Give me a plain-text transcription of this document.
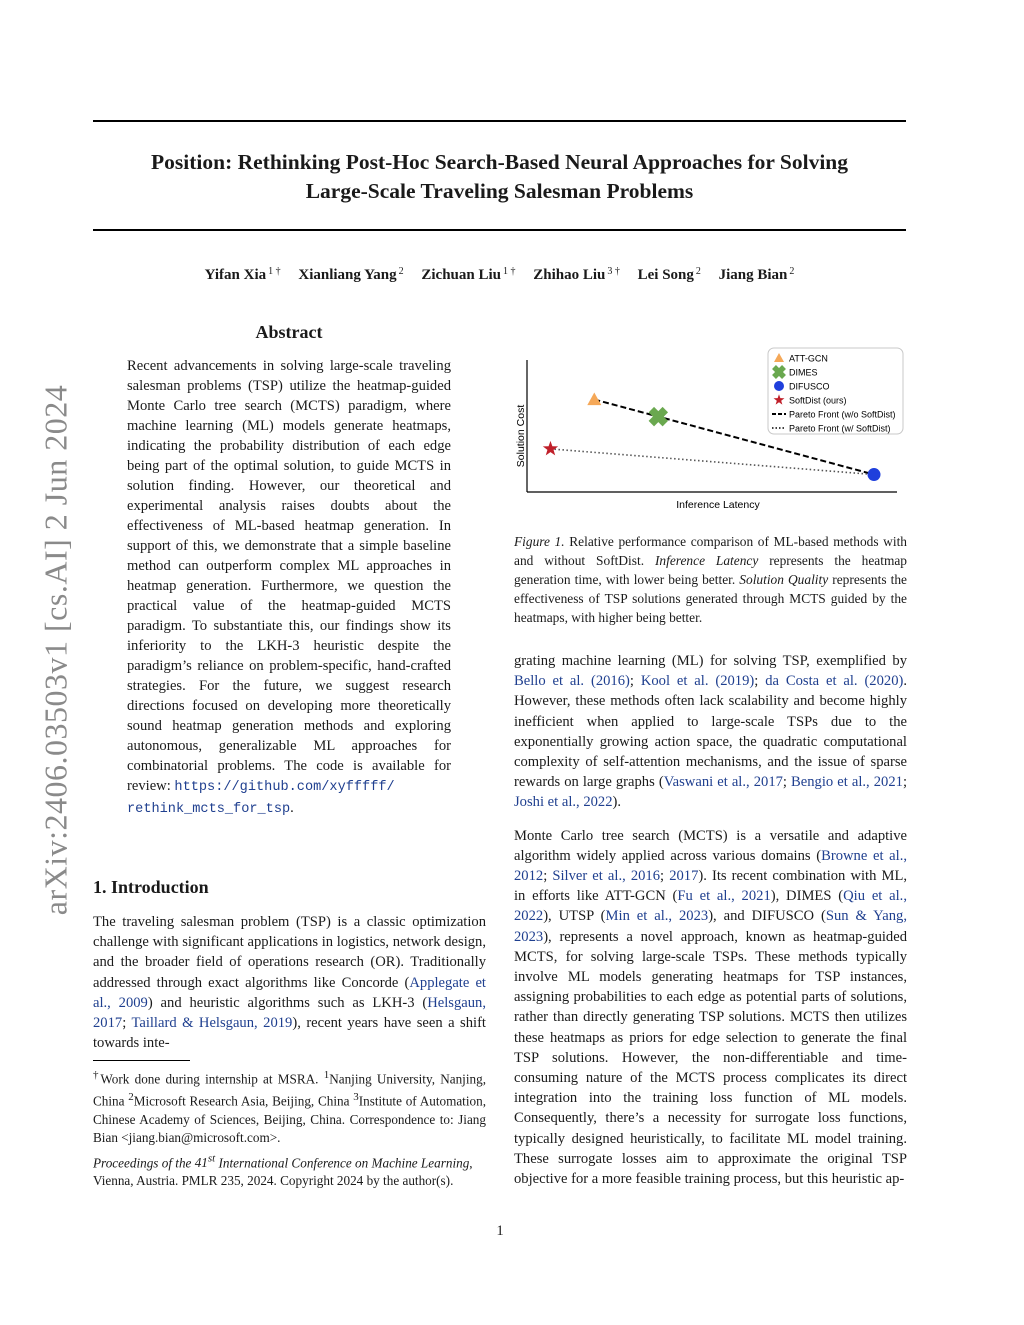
Position: Rethinking Post-Hoc Search-Based Neural Approaches for Solving
Large-Scale Traveling Salesman Problems
Yifan Xia $^{1 \dagger}$ Xianliang Yang $^2$ Zichuan Liu $^{1 \dagger}$ Zhihao Liu $^{3 \dagger}$ Lei Song $^2$ Jiang Bian $^2$
arXiv:2406.03503v1 [cs.AI] 2 Jun 2024
Abstract
Recent advancements in solving large-scale traveling salesman problems (TSP) utilize the heatmap-guided Monte Carlo tree search (MCTS) paradigm, where machine learning (ML) models generate heatmaps, indicating the probability distribution of each edge being part of the optimal solution, to guide MCTS in solution finding. However, our theoretical and experimental analysis raises doubts about the effectiveness of ML-based heatmap generation. In support of this, we demonstrate that a simple baseline method can outperform complex ML approaches in heatmap generation. Furthermore, we question the practical value of the heatmap-guided MCTS paradigm. To substantiate this, our findings show its inferiority to the LKH-3 heuristic despite the paradigm’s reliance on problem-specific, hand-crafted strategies. For the future, we suggest research directions focused on developing more theoretically sound heatmap generation methods and exploring autonomous, generalizable ML approaches for combinatorial problems. The code is available for review: https://github.com/xyfffff/
rethink_mcts_for_tsp.
1. Introduction
The traveling salesman problem (TSP) is a classic optimization challenge with significant applications in logistics, network design, and the broader field of operations research (OR). Traditionally addressed through exact algorithms like Concorde (Applegate et al., 2009) and heuristic algorithms such as LKH-3 (Helsgaun, 2017; Taillard & Helsgaun, 2019), recent years have seen a shift towards inte-
†Work done during internship at MSRA. $^1$Nanjing University, Nanjing, China $^2$Microsoft Research Asia, Beijing, China $^3$Institute of Automation, Chinese Academy of Sciences, Beijing, China. Correspondence to: Jiang Bian <jiang.bian@microsoft.com>.
Proceedings of the 41st International Conference on Machine Learning, Vienna, Austria. PMLR 235, 2024. Copyright 2024 by the author(s).
Solution Cost
Inference Latency
ATT-GCN
DIMES
DIFUSCO
SoftDist (ours)
Pareto Front (w/o SoftDist)
Pareto Front (w/ SoftDist)
Figure 1. Relative performance comparison of ML-based methods with and without SoftDist. Inference Latency represents the heatmap generation time, with lower being better. Solution Quality represents the effectiveness of TSP solutions generated through MCTS guided by the heatmaps, with higher being better.

grating machine learning (ML) for solving TSP, exemplified by Bello et al. (2016); Kool et al. (2019); da Costa et al. (2020). However, these methods often lack scalability and become highly inefficient when applied to large-scale TSPs due to the exponentially growing action space, the quadratic computational complexity of self-attention mechanisms, and the issue of sparse rewards on large graphs (Vaswani et al., 2017; Bengio et al., 2021; Joshi et al., 2022).

Monte Carlo tree search (MCTS) is a versatile and adaptive algorithm widely applied across various domains (Browne et al., 2012; Silver et al., 2016; 2017). Its recent combination with ML, in efforts like ATT-GCN (Fu et al., 2021), DIMES (Qiu et al., 2022), UTSP (Min et al., 2023), and DIFUSCO (Sun & Yang, 2023), represents a novel approach, known as heatmap-guided MCTS, for solving large-scale TSPs. These methods typically involve ML models generating heatmaps for TSP instances, assigning probabilities to each edge as potential parts of solutions, rather than directly generating TSP solutions. MCTS then utilizes these heatmaps as priors for edge selection to generate the final TSP solutions. However, the non-differentiable and time-consuming nature of the MCTS process complicates its direct integration into the training loss function of ML models. Consequently, there’s a necessity for surrogate loss functions, typically designed heuristically, to facilitate ML model training. These surrogate losses aim to approximate the original TSP objective for a more feasible training process, but this heuristic ap-

1
